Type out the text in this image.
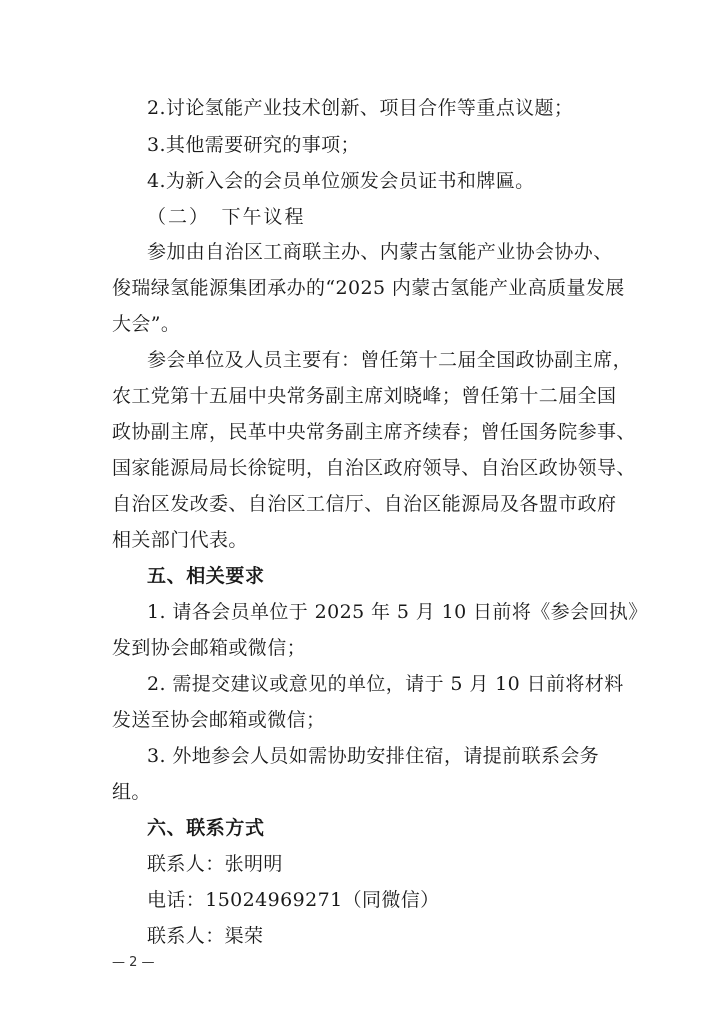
2.讨论氢能产业技术创新、项目合作等重点议题；
3.其他需要研究的事项；
4.为新入会的会员单位颁发会员证书和牌匾。
（二）　下午议程
参加由自治区工商联主办、内蒙古氢能产业协会协办、
俊瑞绿氢能源集团承办的“2025 内蒙古氢能产业高质量发展
大会”。
参会单位及人员主要有：曾任第十二届全国政协副主席，
农工党第十五届中央常务副主席刘晓峰；曾任第十二届全国
政协副主席，民革中央常务副主席齐续春；曾任国务院参事、
国家能源局局长徐锭明，自治区政府领导、自治区政协领导、
自治区发改委、自治区工信厅、自治区能源局及各盟市政府
相关部门代表。
五、相关要求
1. 请各会员单位于 2025 年 5 月 10 日前将《参会回执》
发到协会邮箱或微信；
2. 需提交建议或意见的单位，请于 5 月 10 日前将材料
发送至协会邮箱或微信；
3. 外地参会人员如需协助安排住宿，请提前联系会务
组。
六、联系方式
联系人：张明明
电话：15024969271（同微信）
联系人：渠荣
— 2 —
